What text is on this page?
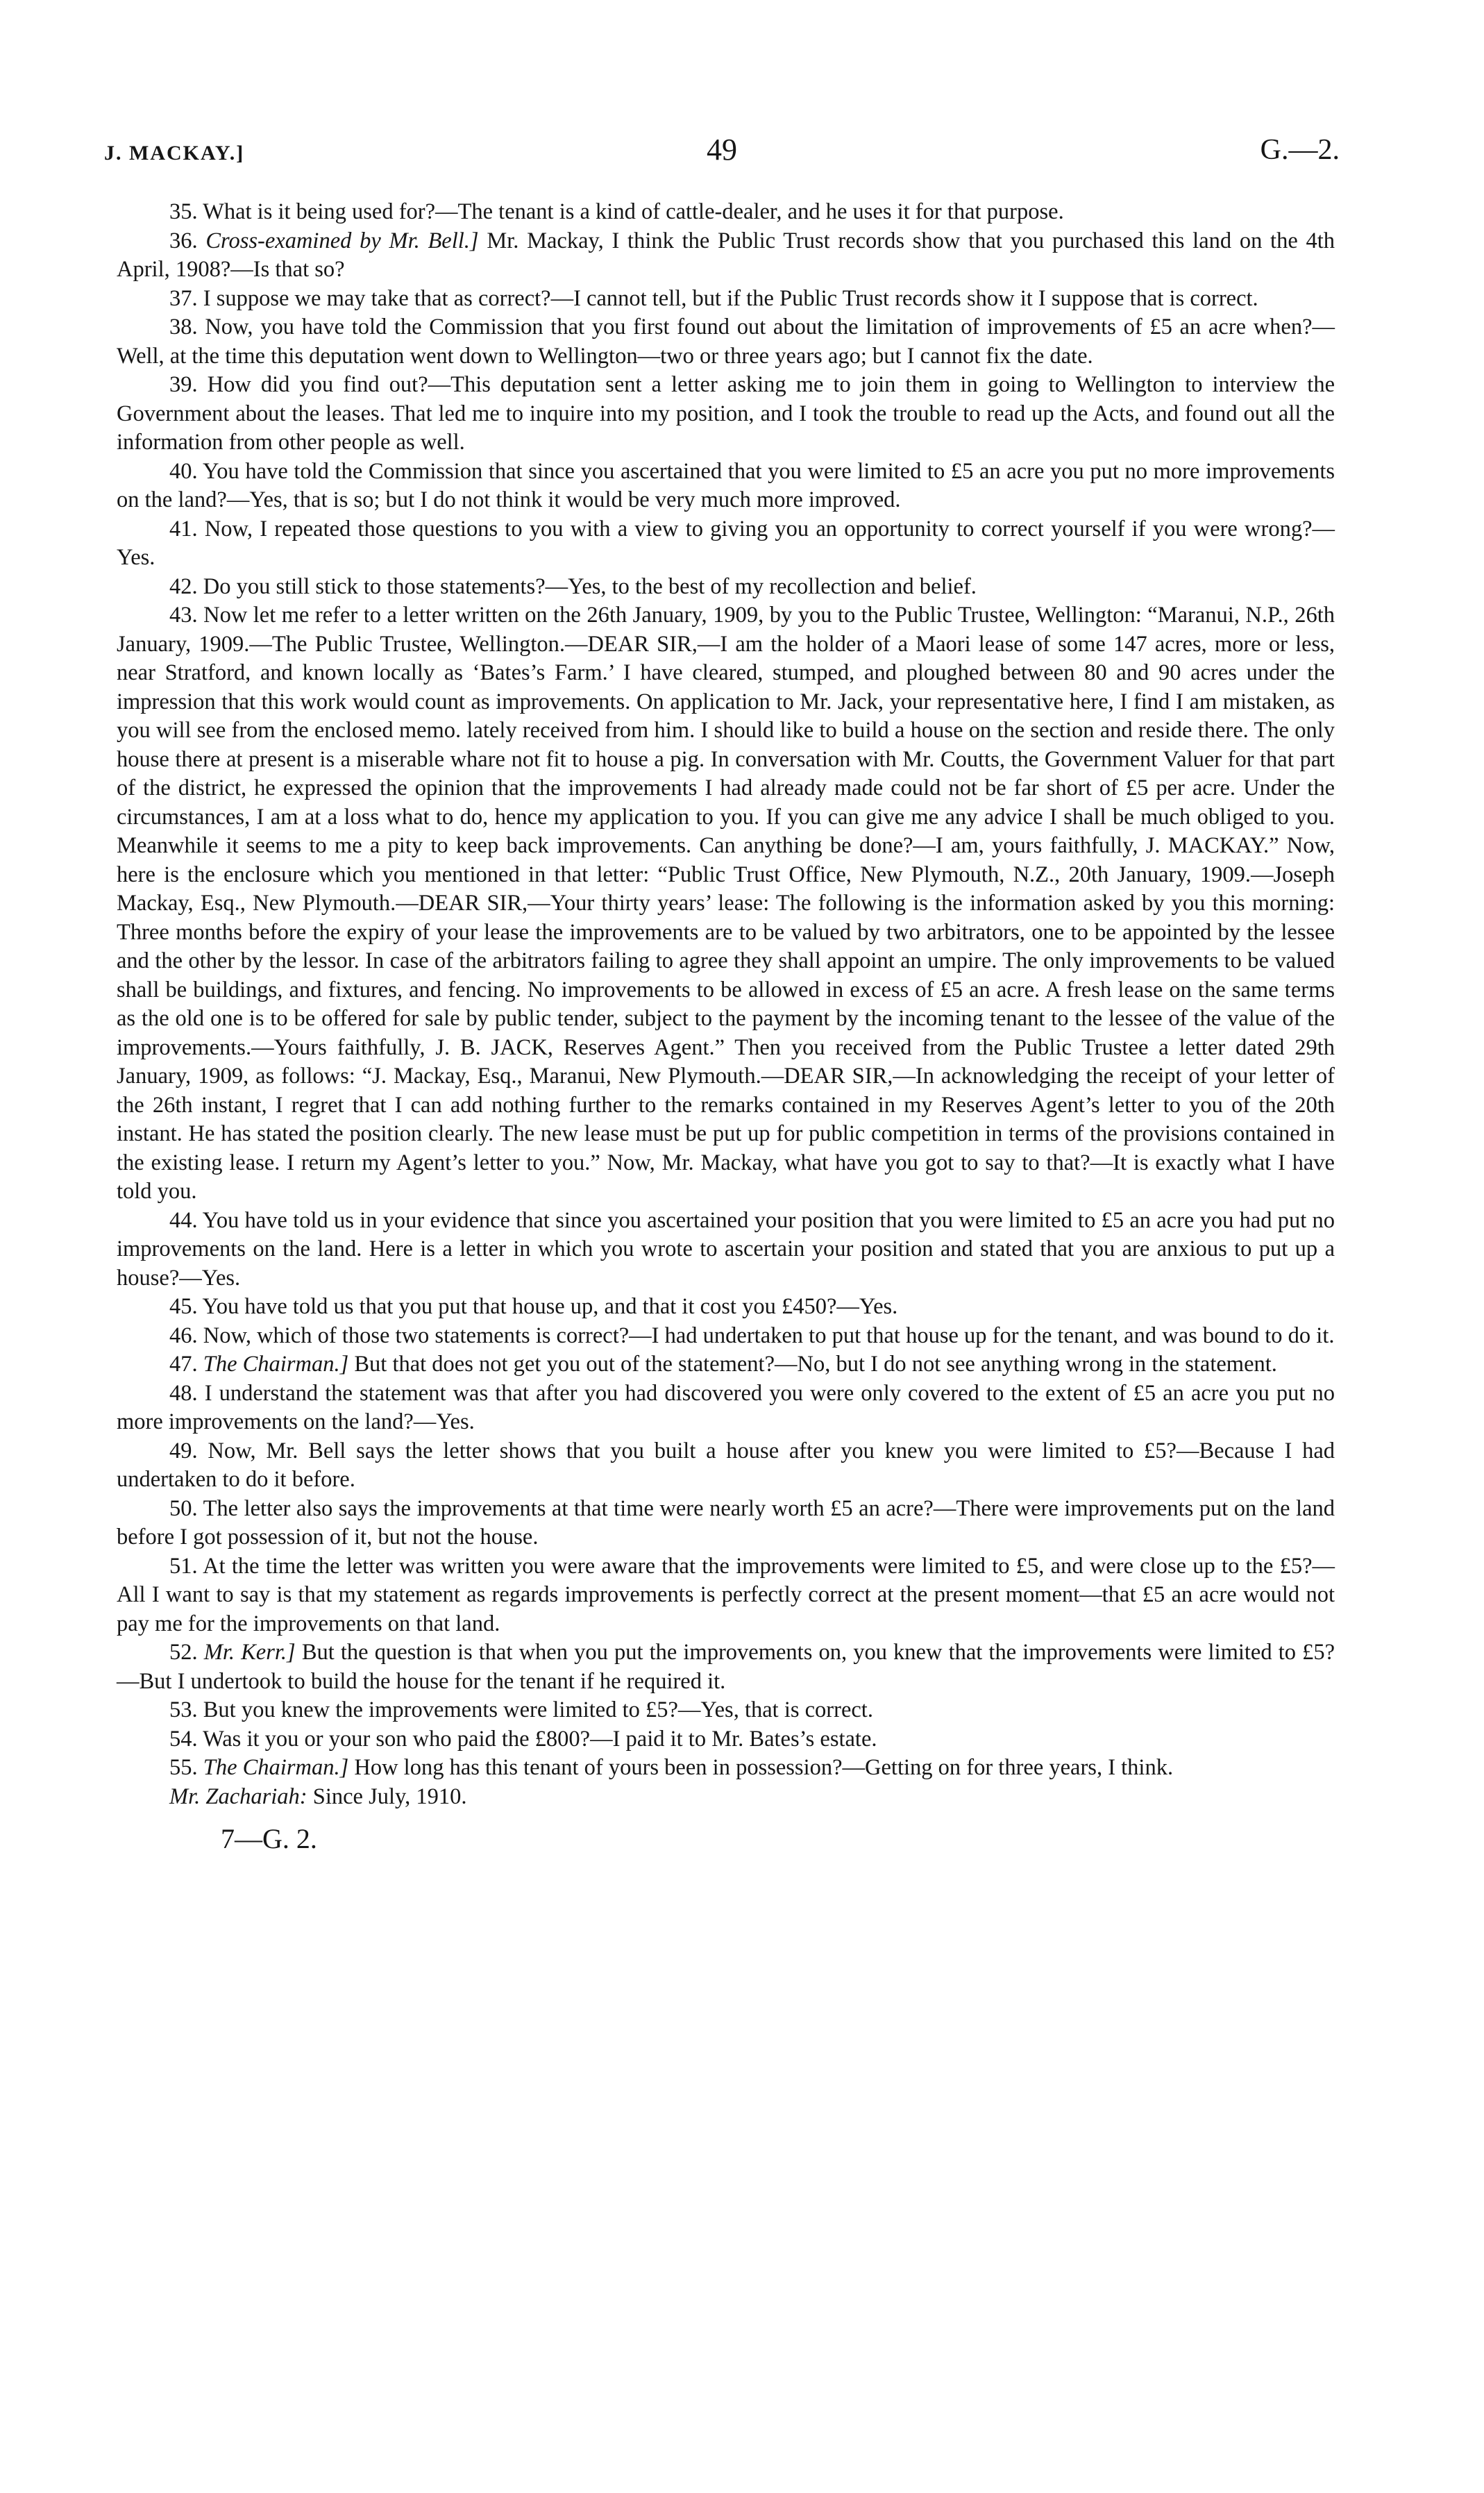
J. MACKAY.]	49	G.—2.

35. What is it being used for?—The tenant is a kind of cattle-dealer, and he uses it for that purpose.

36. Cross-examined by Mr. Bell.] Mr. Mackay, I think the Public Trust records show that you purchased this land on the 4th April, 1908?—Is that so?

37. I suppose we may take that as correct?—I cannot tell, but if the Public Trust records show it I suppose that is correct.

38. Now, you have told the Commission that you first found out about the limitation of improvements of £5 an acre when?—Well, at the time this deputation went down to Wellington—two or three years ago; but I cannot fix the date.

39. How did you find out?—This deputation sent a letter asking me to join them in going to Wellington to interview the Government about the leases. That led me to inquire into my position, and I took the trouble to read up the Acts, and found out all the information from other people as well.

40. You have told the Commission that since you ascertained that you were limited to £5 an acre you put no more improvements on the land?—Yes, that is so; but I do not think it would be very much more improved.

41. Now, I repeated those questions to you with a view to giving you an opportunity to correct yourself if you were wrong?—Yes.

42. Do you still stick to those statements?—Yes, to the best of my recollection and belief.

43. Now let me refer to a letter written on the 26th January, 1909, by you to the Public Trustee, Wellington: “Maranui, N.P., 26th January, 1909.—The Public Trustee, Wellington.—DEAR SIR,—I am the holder of a Maori lease of some 147 acres, more or less, near Stratford, and known locally as ‘Bates’s Farm.’ I have cleared, stumped, and ploughed between 80 and 90 acres under the impression that this work would count as improvements. On application to Mr. Jack, your representative here, I find I am mistaken, as you will see from the enclosed memo. lately received from him. I should like to build a house on the section and reside there. The only house there at present is a miserable whare not fit to house a pig. In conversation with Mr. Coutts, the Government Valuer for that part of the district, he expressed the opinion that the improvements I had already made could not be far short of £5 per acre. Under the circumstances, I am at a loss what to do, hence my application to you. If you can give me any advice I shall be much obliged to you. Meanwhile it seems to me a pity to keep back improvements. Can anything be done?—I am, yours faithfully, J. MACKAY.” Now, here is the enclosure which you mentioned in that letter: “Public Trust Office, New Plymouth, N.Z., 20th January, 1909.—Joseph Mackay, Esq., New Plymouth.—DEAR SIR,—Your thirty years’ lease: The following is the information asked by you this morning: Three months before the expiry of your lease the improvements are to be valued by two arbitrators, one to be appointed by the lessee and the other by the lessor. In case of the arbitrators failing to agree they shall appoint an umpire. The only improvements to be valued shall be buildings, and fixtures, and fencing. No improvements to be allowed in excess of £5 an acre. A fresh lease on the same terms as the old one is to be offered for sale by public tender, subject to the payment by the incoming tenant to the lessee of the value of the improvements.—Yours faithfully, J. B. JACK, Reserves Agent.” Then you received from the Public Trustee a letter dated 29th January, 1909, as follows: “J. Mackay, Esq., Maranui, New Plymouth.—DEAR SIR,—In acknowledging the receipt of your letter of the 26th instant, I regret that I can add nothing further to the remarks contained in my Reserves Agent’s letter to you of the 20th instant. He has stated the position clearly. The new lease must be put up for public competition in terms of the provisions contained in the existing lease. I return my Agent’s letter to you.” Now, Mr. Mackay, what have you got to say to that?—It is exactly what I have told you.

44. You have told us in your evidence that since you ascertained your position that you were limited to £5 an acre you had put no improvements on the land. Here is a letter in which you wrote to ascertain your position and stated that you are anxious to put up a house?—Yes.

45. You have told us that you put that house up, and that it cost you £450?—Yes.

46. Now, which of those two statements is correct?—I had undertaken to put that house up for the tenant, and was bound to do it.

47. The Chairman.] But that does not get you out of the statement?—No, but I do not see anything wrong in the statement.

48. I understand the statement was that after you had discovered you were only covered to the extent of £5 an acre you put no more improvements on the land?—Yes.

49. Now, Mr. Bell says the letter shows that you built a house after you knew you were limited to £5?—Because I had undertaken to do it before.

50. The letter also says the improvements at that time were nearly worth £5 an acre?—There were improvements put on the land before I got possession of it, but not the house.

51. At the time the letter was written you were aware that the improvements were limited to £5, and were close up to the £5?—All I want to say is that my statement as regards improvements is perfectly correct at the present moment—that £5 an acre would not pay me for the improvements on that land.

52. Mr. Kerr.] But the question is that when you put the improvements on, you knew that the improvements were limited to £5?—But I undertook to build the house for the tenant if he required it.

53. But you knew the improvements were limited to £5?—Yes, that is correct.

54. Was it you or your son who paid the £800?—I paid it to Mr. Bates’s estate.

55. The Chairman.] How long has this tenant of yours been in possession?—Getting on for three years, I think.

Mr. Zachariah: Since July, 1910.

7—G. 2.
